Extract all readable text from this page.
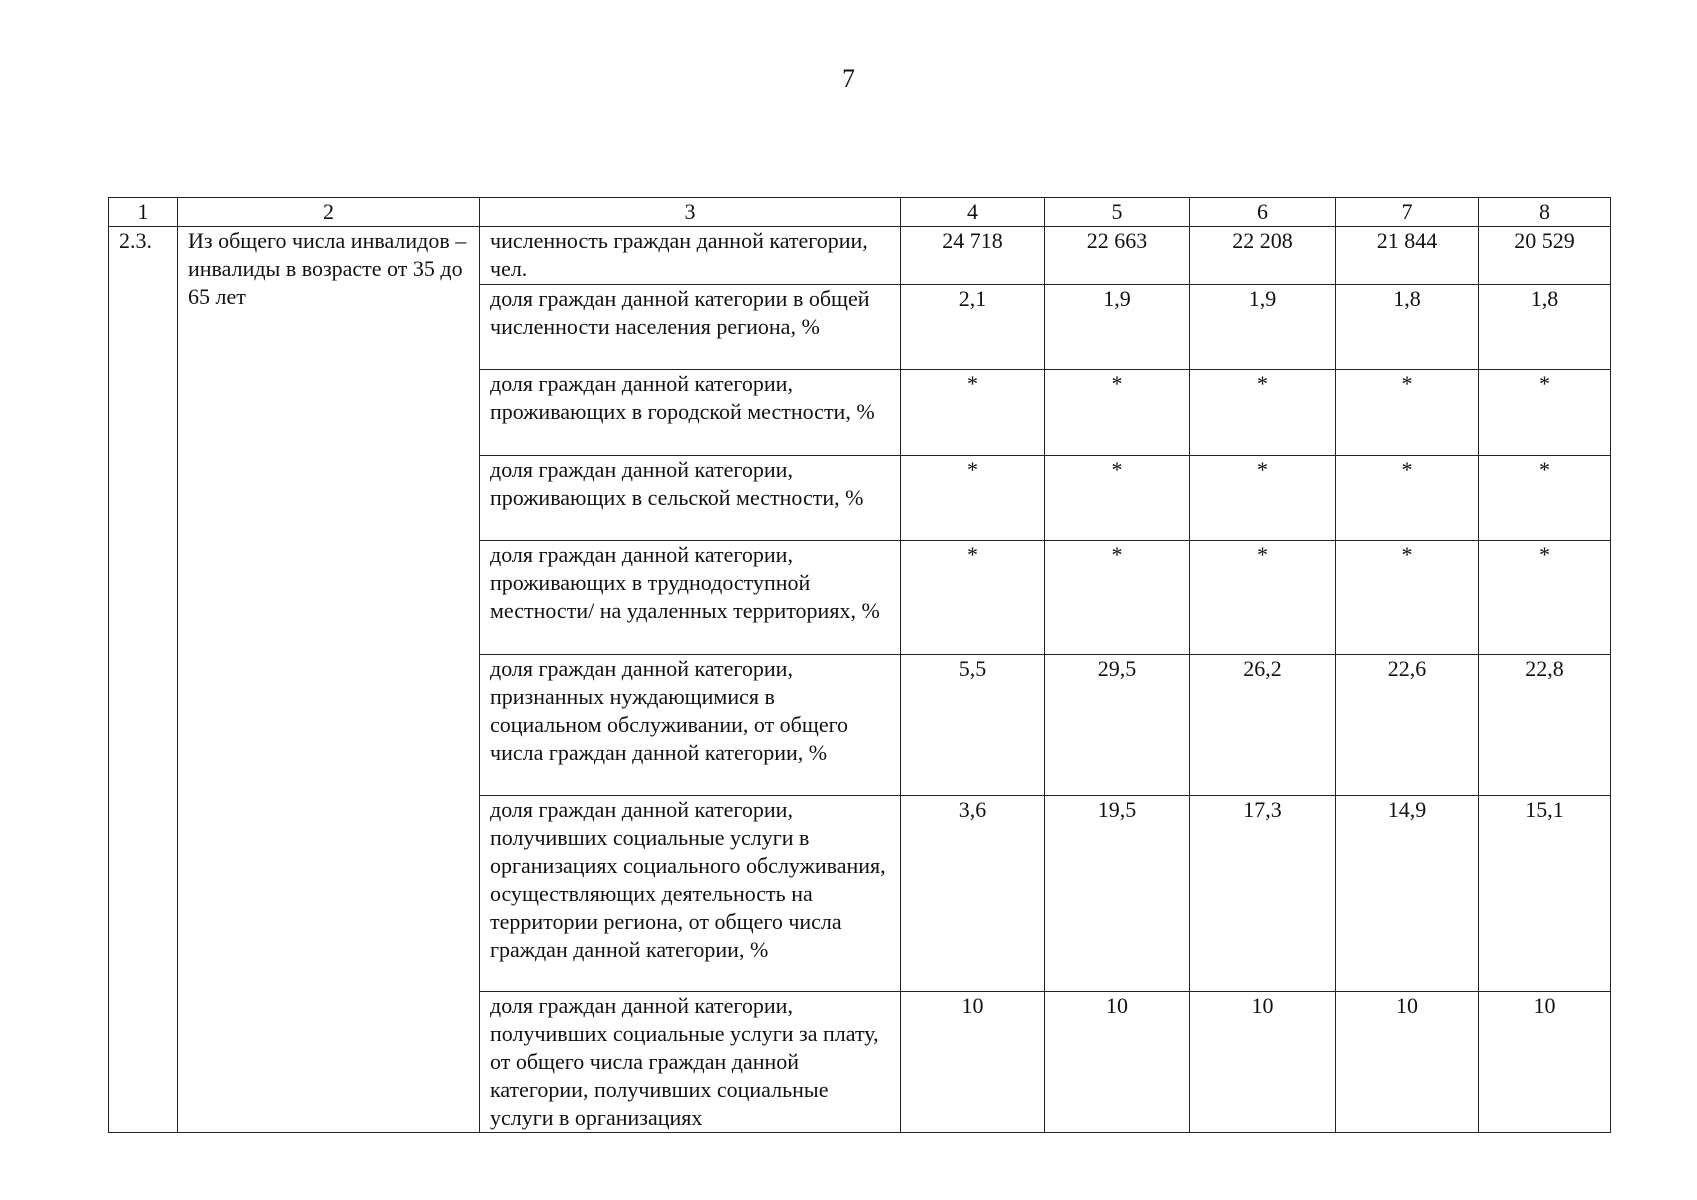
7
1	2	3	4	5	6	7	8
2.3.	Из общего числа инвалидов – инвалиды в возрасте от 35 до 65 лет	численность граждан данной категории, чел.	24 718	22 663	22 208	21 844	20 529
		доля граждан данной категории в общей численности населения региона, %	2,1	1,9	1,9	1,8	1,8
		доля граждан данной категории, проживающих в городской местности, %	*	*	*	*	*
		доля граждан данной категории, проживающих в сельской местности, %	*	*	*	*	*
		доля граждан данной категории, проживающих в труднодоступной местности/ на удаленных территориях, %	*	*	*	*	*
		доля граждан данной категории, признанных нуждающимися в социальном обслуживании, от общего числа граждан данной категории, %	5,5	29,5	26,2	22,6	22,8
		доля граждан данной категории, получивших социальные услуги в организациях социального обслуживания, осуществляющих деятельность на территории региона, от общего числа граждан данной категории, %	3,6	19,5	17,3	14,9	15,1
		доля граждан данной категории, получивших социальные услуги за плату, от общего числа граждан данной категории, получивших социальные услуги в организациях	10	10	10	10	10
